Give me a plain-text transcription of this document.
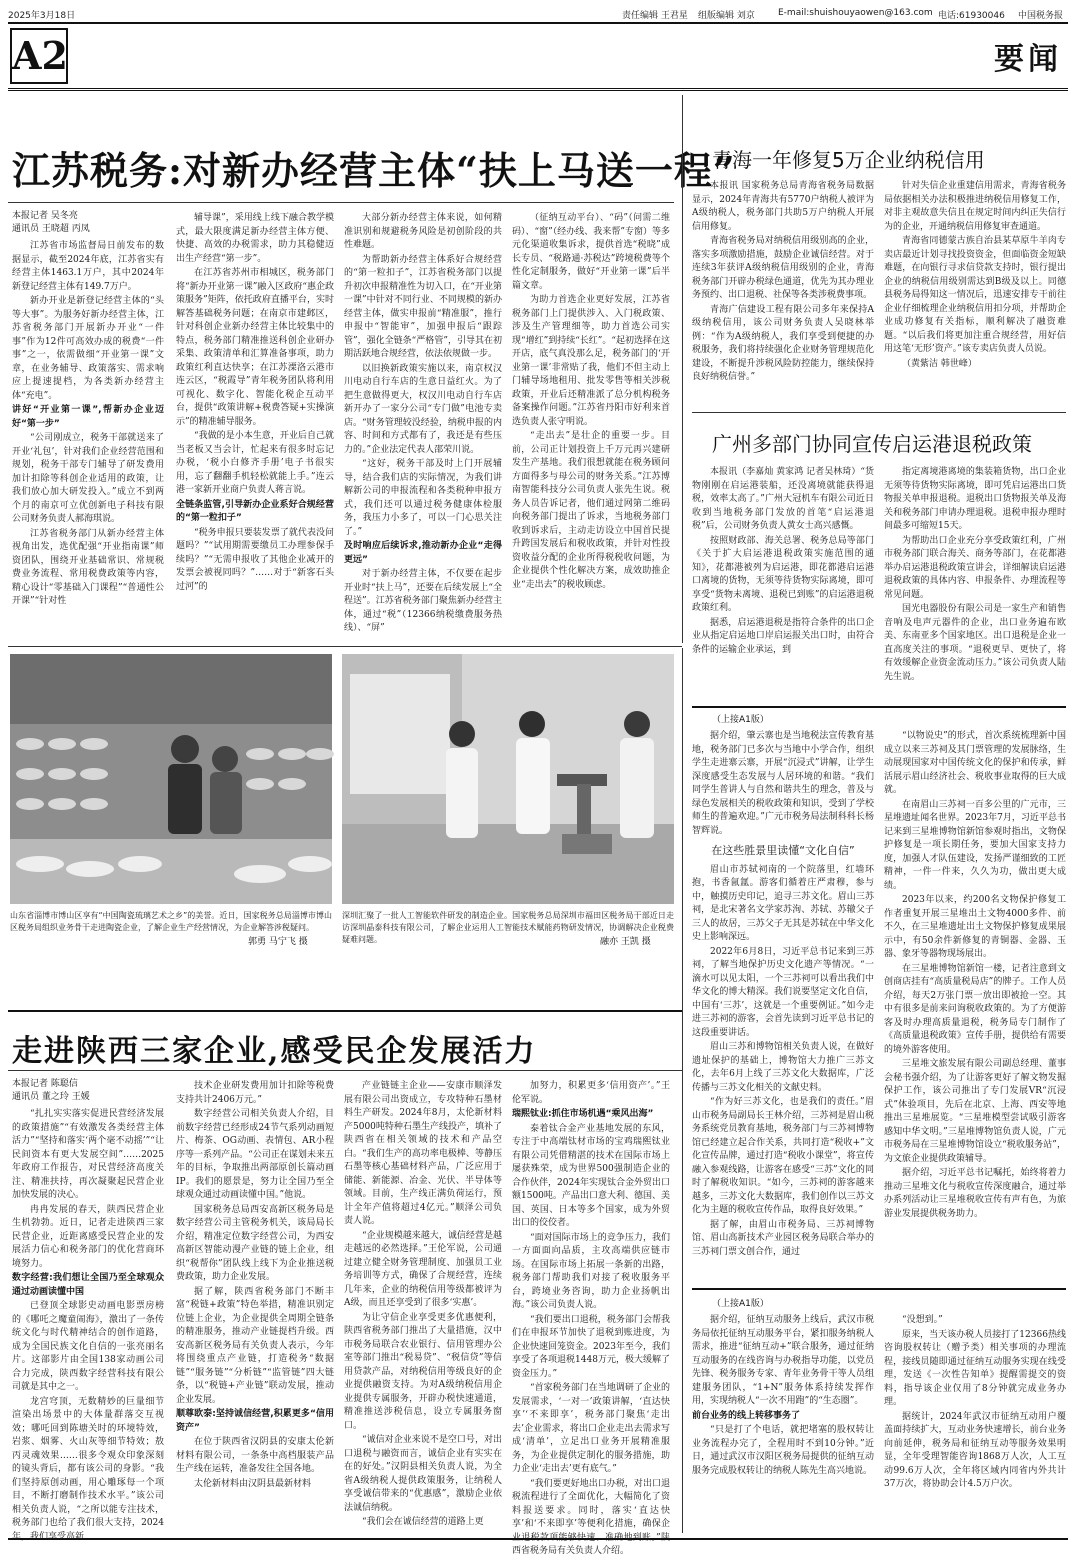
2025年3月18日	责任编辑 王君星 组版编辑 刘京	E-mail:shuishouyaowen@163.com 电话:61930046 中国税务报
A2	要闻
江苏税务:对新办经营主体“扶上马送一程”
本报记者 吴冬亮
通讯员 王晓超 丙凤

江苏省市场监督局日前发布的数据显示，截至2024年底，江苏省实有经营主体1463.1万户，其中2024年新登记经营主体有149.7万户。

新办开业是新登记经营主体的“头等大事”。为服务好新办经营主体，江苏省税务部门开展新办开业“一件事”作为12件可高效办成的税费“一件事”之一，依需做细“开业第一课”文章，在业务辅导、政策落实、需求响应上提速提档，为各类新办经营主体“充电”。

讲好“开业第一课”,帮新办企业迈好“第一步”

“公司刚成立，税务干部就送来了开业‘礼包’，针对我们企业经营范围和规划，税务干部专门辅导了研发费用加计扣除等科创企业适用的政策，让我们放心加大研发投入。”成立不到两个月的南京可立优创新电子科技有限公司财务负责人郝海琪说。

江苏省税务部门从新办经营主体视角出发，选优配强“开业指南课”师资团队，围绕开业基础常识、常规税费业务流程、常用税费政策等内容，精心设计“零基础入门课程”“普通性公开课”“针对性

辅导课”，采用线上线下融合教学模式，最大限度满足新办经营主体方便、快捷、高效的办税需求，助力其稳健迈出生产经营“第一步”。

在江苏省苏州市相城区，税务部门将“新办开业第一课”融入区政府“惠企政策服务”矩阵，依托政府直播平台，实时解答基础税务问题；在南京市建邺区，针对科创企业新办经营主体比较集中的特点，税务部门精准推送科创企业研办采集、政策清单和汇算准备事项，助力政策红利直达快享；在江苏溧洛云港市连云区，“税霞导”青年税务团队将利用可视化、数字化、智能化税企互动平台，提供“政策讲解+税费答疑+实操演示”的精准辅导服务。

“我做的是小本生意，开业后自己就当老板又当会计，忙起来有很多时忘记办税，‘税小白修齐手册’电子书很实用，忘了翻翻手机轻松就能上手。”连云港一家新开业商户负责人蒋言说。

全链条监管,引导新办企业系好合规经营的“第一粒扣子”

“税务申报只要装发票了就代表没问题吗？”“试用期需要缴员工办理参保手续吗？”“无需申报收了其他企业减开的发票会被视同吗？”……对于“新客石头过河”的

大部分新办经营主体来说，如何精准识别和规避税务风险是初创阶段的共性难题。

为帮助新办经营主体系好合规经营的“第一粒扣子”，江苏省税务部门以提升初次申报精准性为切入口，在“开业第一课”中针对不同行业、不同规模的新办经营主体，做实申报前“精准服”，推行申报中“智能审”，加强申报后“跟踪管”，强化全链条“严格管”，引导其在初期活跃地合规经营，依法依规做一步。

以旧换新政策实施以来，南京权汉川电动自行车店的生意日益红火。为了把生意做得更大，权汉川电动自行车店新开办了一家分公司“专门做”电池专卖店。“财务管理较没经验，纳税申报的内容、时间和方式都有了，我还是有些压力的。”企业法定代表人邵荣川说。

“这好，税务干部及时上门开展辅导，结合我们店的实际情况，为我们讲解新公司的申报流程和各类税种申报方式，我们还可以通过税务健康体检服务，我压力小多了，可以一门心思关注了。”

及时响应后续诉求,推动新办企业“走得更远”

对于新办经营主体，不仅要在起步开业时“扶上马”，还要在后续发展上“全程送”。江苏省税务部门聚焦新办经营主体，通过“税”（12366纳税缴费服务热线）、“屏”

（征纳互动平台）、“码”（问需二维码）、“窗”（经办线、我来帮”专窗）等多元化渠道收集诉求，提供首选“税晓”成长专员、“税路通·苏税达”跨境税费等个性化定制服务，做好“开业第一课”后半篇文章。

为助力首选企业更好发展，江苏省税务部门上门提供涉入、入门税政策、涉及生产管理细等，助力首选公司实现“增红”到持续“长红”。“起初选择在这开店，底气真没那么足，税务部门的‘开业第一课’非常贴了我，他们不但主动上门辅导场地租用、批发零售等相关涉税政策，开业后还精准派了总分机构税务备案操作问题。”江苏省丹阳市好利来首选负责人张守明说。

“走出去”是壮企的重要一步。目前，公司正计划投资上千万元再兴建研发生产基地。我们很想就能在税务顾问方面得多与母公司的财务关系。”江苏博南智能科技分公司负责人张先生说。税务人员告诉记者，他们通过网第二维码向税务部门提出了诉求，当地税务部门收到诉求后，主动走访设立中国首民提升跨国发展后和税收政策，并针对性投资收益分配的企业所得税税收问题，为企业提供个性化解决方案，成效助推企业“走出去”的税收顾虑。

青海一年修复5万企业纳税信用

本报讯 国家税务总局青海省税务局数据显示，2024年青海共有5770户纳税人被评为A级纳税人，税务部门共助5万户纳税人开展信用修复。

青海省税务局对纳税信用级别高的企业，落实多项激励措施，鼓励企业诚信经营。对于连续3年获评A级纳税信用级别的企业，青海税务部门开辟办税绿色通道，优先为其办理业务预约、出口退税、社保等各类涉税费事项。

青海广信建设工程有限公司多年来保持A级纳税信用，该公司财务负责人吴晓林举例：“作为A级纳税人，我们享受到便捷的办税服务，我们将持续强化企业财务管理规范化建设，不断提升涉税风险防控能力，继续保持良好纳税信誉。”

针对失信企业重建信用需求，青海省税务局依据相关办法积极推进纳税信用修复工作，对非主观故意失信且在规定时间内纠正失信行为的企业，开通纳税信用修复审查通道。

青海省同德蒙古族自治县某草原牛羊肉专卖店最近计划寻找投资资金，但面临资金短缺难题，在向银行寻求信贷款支持时，银行提出企业的纳税信用级别需达到B级及以上。同德县税务局得知这一情况后，迅速安排专干前往企业仔细梳理企业纳税信用扣分项，并帮助企业成功修复有关指标，顺利解决了融资难题。“以后我们将更加注重合规经营，用好信用这笔‘无形’资产。”该专卖店负责人员说。

（黄紫洁 韩世峰）

广州多部门协同宣传启运港退税政策

本报讯（李嘉灿 黄家鸿 记者吴林琦）“货物刚刚在启运港装船，还没离境就能获得退税，效率太高了。”广州大冠机车有限公司近日收到当地税务部门发放的首笔“启运港退税”后，公司财务负责人黄女士高兴感慨。

按照财政部、海关总署、税务总局等部门《关于扩大启运港退税政策实施范围的通知》，花都港被列为启运港，即花都港启运港口离境的货物，无须等待货物实际离境，即可享受“货物未离境、退税已到账”的启运港退税政策红利。

据悉，启运港退税是指符合条件的出口企业从指定启运地口岸启运报关出口时，由符合条件的运输企业承运，到

指定离境港离境的集装箱货物，出口企业无须等待货物实际离境，即可凭启运港出口货物报关单申报退税。退税出口货物报关单及海关和税务部门申请办理退税。退税申报办理时间最多可缩短15天。

为帮助出口企业充分享受政策红利，广州市税务部门联合海关、商务等部门，在花都港举办启运港退税政策宣讲会，详细解读启运港退税政策的具体内容、申报条件、办理流程等常见问题。

国光电器股份有限公司是一家生产和销售音响及电声元器件的企业，出口业务遍布欧美、东南亚多个国家地区。出口退税是企业一直高度关注的事项。“退税更早、更快了，将有效缓解企业资金流动压力。”该公司负责人陆先生说。

（上接A1版）

据介绍，肇云寨也是当地税法宣传教育基地，税务部门已多次与当地中小学合作，组织学生走进寨云寨，开展“沉浸式”讲解，让学生深度感受生态发展与人居环境的和谐。“我们同学生普讲人与自然和谐共生的理念，普及与绿色发展相关的税收政策和知识，受到了学校师生的普遍欢迎。”广元市税务局法制科科长杨智辉说。

在这些胜景里读懂“文化自信”

眉山市苏轼祠南的一个院落里，红墙环抱，书香氤氲。游客们循着庄严肃穆，参与中，触摸历史印记，追寻三苏文化。眉山三苏祠，是北宋著名文学家苏洵、苏轼、苏辙父子三人的故居，三苏父子无其是苏轼在中华文化史上影响深远。

2022年6月8日，习近平总书记来到三苏祠，了解当地保护历史文化遗产等情况。“一滴水可以见太阳，一个三苏祠可以看出我们中华文化的博大精深。我们说要坚定文化自信，中国有‘三苏’，这就是一个重要例证。”如今走进三苏祠的游客，会首先读到习近平总书记的这段重要讲话。

眉山三苏和博物馆相关负责人说，在做好遗址保护的基础上，博物馆大力推广三苏文化，去年6月上线了三苏文化大数据库，广泛传播与三苏文化相关的文献史料。

“作为好三苏文化，也是我们的责任。”眉山市税务局副局长王林介绍，三苏祠是眉山税务系统党员教育基地，税务部门与三苏祠博物馆已经建立起合作关系，共同打造“税收+”文化宣传品牌，通过打造“税收小课堂”，将宣传融入参观线路，让游客在感受“三苏”文化的同时了解税收知识。“如今，三苏祠的游客越来越多，三苏文化大数据库，我们创作以三苏文化为主题的税收宣传作品，取得良好效果。”

据了解，由眉山市税务局、三苏祠博物馆、眉山高新技术产业园区税务局联合举办的三苏祠门票文创合作，通过

“以物说史”的形式，首次系统梳理新中国成立以来三苏祠及其门票管理的发展脉络，生动展现国家对中国传统文化的保护和传承，鲜活展示眉山经济社会、税收事业取得的巨大成就。

在南眉山三苏祠一百多公里的广元市，三星堆遗址闻名世界。2023年7月，习近平总书记来到三星堆博物馆新馆参观时指出，文物保护修复是一项长期任务，要加大国家支持力度，加强人才队伍建设，发扬严谨细致的工匠精神，一件一件来，久久为功，做出更大成绩。

2023年以来，约200名文物保护修复工作者重复开展三星堆出土文物4000多件、前不久，在三星堆遗址出土文物保护修复成果展示中，有50余件新修复的青铜器、金器、玉器、象牙等器物现场展出。

在三星堆博物馆新馆一楼，记者注意到文创商店挂有“高质量税局店”的牌子。工作人员介绍，每天2万张门票一放出即被抢一空。其中有很多是前来问询税收政策的。为了方便游客及时办理高质量退税，税务局专门制作了《高质量退税政策》宣传手册，提供给有需要的境外游客使用。

三星堆文旅发展有限公司副总经理、董事会秘书强介绍，为了让游客更好了解文物发掘保护工作，该公司推出了专门发展VR“沉浸式”体验项目，先后在北京、上海、西安等地推出三星堆展览。“三星堆模型尝试吸引游客感知中华文明。”三星堆博物馆负责人说，广元市税务局在三星堆博物馆设立“税收服务站”，为文旅企业提供政策辅导。

据介绍，习近平总书记嘱托，始终将着力推动三星堆文化与税收宣传深度融合，通过举办系列活动让三星堆税收宣传有声有色，为旅游业发展提供税务助力。

（上接A1版）

据介绍，征纳互动服务上线后，武汉市税务局依托征纳互动服务平台，紧扣服务纳税人需求，推进“征纳互动+”联合服务，通过征纳互动服务的在线咨询与办税指导功能，以党员先锋、税务服务专家、青年业务骨干等人员组建服务团队，“1+N”服务体系持续发挥作用，实现纳税人“一次不用跑”的“生态圈”。

前台业务的线上转移事务了

“只是打了个电话，就把堵塞的股权转让业务流程办完了，全程用时不到10分钟。”近日，通过武汉市汉阳区税务局提供的征纳互动服务完成股权转让的纳税人陈先生高兴地说。

“没想到。”

原来，当天该办税人员接打了12366热线咨询股权转让（赠予类）相关事项的办理流程，接线员随即通过征纳互动服务实现在线受理，发送《一次性告知单》提醒需提交的资料，指导该企业仅用了8分钟就完成业务办理。

据统计，2024年武汉市征纳互动用户覆盖面持续扩大，互动业务快速增长，前台业务向前延伸，税务局和征纳互动等服务效果明显，全年受理智能咨询1868万人次，人工互动99.6万人次，全年将区域内同省内外共计37万次，将协助会计4.5万户次。

山东省淄博市博山区享有“中国陶瓷琉璃艺术之乡”的美誉。近日，国家税务总局淄博市博山区税务局组织业务骨干走进陶瓷企业，了解企业生产经营情况，为企业解答涉税疑问。
郭勇 马宁飞 摄
深圳汇聚了一批人工智能软件研发的制造企业。国家税务总局深圳市福田区税务局干部近日走访深圳晶泰科技有限公司，了解企业运用人工智能技术赋能药物研发情况，协调解决企业税费疑难问题。	融亦 王凯 摄
走进陕西三家企业,感受民企发展活力
本报记者 陈聪信
通讯员 董之玲 王媛

“扎扎实实落实促进民营经济发展的政策措施”“有效激发各类经营主体活力”“坚持和落实‘两个毫不动摇’”“让民间资本有更大发展空间”……2025年政府工作报告，对民营经济高度关注、精准扶持，再次凝聚起民营企业加快发展的决心。

冉冉发展的春天，陕西民营企业生机勃勃。近日，记者走进陕西三家民营企业，近距离感受民营企业的发展活力信心和税务部门的优化营商环境努力。

数字经营:我们想让全国乃至全球观众通过动画读懂中国

已登顶全球影史动画电影票房榜的《哪吒之魔童闹海》，激出了一条传统文化与时代精神结合的创作道路，成为全国民族文化自信的一张亮丽名片。这部影片由全国138家动画公司合力完成，陕西数字经营科技有限公司就是其中之一。

龙宫穹顶，无数精妙的巨量细节渲染出场景中的大体量群落交互视效；哪吒回到陈塘关时的环境特效，岩浆、烟雾、火山灰等细节特效；敖丙灵魂效果……很多令观众印象深刻的镜头背后，都有该公司的身影。“我们坚持原创动画，用心雕琢每一个项目，不断打磨制作技术水平。”该公司相关负责人说，“之所以能专注技术，税务部门也给了我们很大支持，2024年，我们享受高新

技术企业研发费用加计扣除等税费支持共计2406万元。”

数字经营公司相关负责人介绍，目前数字经营已经形成24节气系列动画短片、梅茶、OG动画、表情包、AR小程序等一系列产品。“公司正在谋划未来五年的目标，争取推出两部原创长篇动画IP。我们的愿景是，努力让全国乃至全球观众通过动画读懂中国。”他说。

国家税务总局西安高新区税务局是数字经营公司主管税务机关，该局局长介绍，精准定位数字经营公司，为西安高新区智能动漫产业链的链上企业，组织“税帮你”团队线上线下为企业推送税费政策，助力企业发展。

据了解，陕西省税务部门不断丰富“税链+政策”特色举措，精准识别定位链上企业，为企业提供全周期全链条的精准服务，推动产业链提档升级。西安高新区税务局有关负责人表示，今年将围绕重点产业链，打造税务“数据链”“服务链”“分析链”“监管链”四大链条，以“税链+产业链”联动发展，推动企业发展。

顺尊欧泰:坚持诚信经营,积累更多“信用资产”

在位于陕西省汉阴县的安康太伦新材料有限公司，一条条中高档服装产品生产线在运转，准备发往全国各地。

太伦新材料由汉阴县最新材料

产业链链主企业——安康市顺泽发展有限公司出资成立，专攻特种石墨材料生产研发。2024年8月，太伦新材料产5000吨特种石墨生产线投产，填补了陕西省在相关领域的技术和产品空白。“我们生产的高功率电极棒、等静压石墨等核心基础材料产品，广泛应用于储能、新能源、冶金、光伏、半导体等领域。目前，生产线正满负荷运行，预计全年产值将超过4亿元。”顺泽公司负责人说。

“企业规模越来越大，诚信经营是越走越远的必然选择。”王伦军说，公司通过建立健全财务管理制度、加强员工业务培训等方式，确保了合规经营，连续几年来，企业的纳税信用等级都被评为A级，而且还享受到了很多‘实惠’。

为让守信企业享受更多优惠便利，陕西省税务部门推出了大量措施，汉中市税务局联合农业银行、信用管理办公室等部门推出“税易贷”、“税信贷”等信用贷款产品，对纳税信用等级良好的企业提供融资支持。为对A级纳税信用企业提供专属服务，开辟办税快速通道，精准推送涉税信息，设立专属服务窗口。

“诚信对企业来说不是空口号，对出口退税与融资而言，诚信企业有实实在在的好处。”汉阴县相关负责人说，为全省A级纳税人提供政策服务，让纳税人享受诚信带来的“优惠感”，激励企业依法诚信纳税。

“我们会在诚信经营的道路上更

加努力，积累更多‘信用资产’。”王伦军说。

瑞熙钛业:抓住市场机遇“乘风出海”

泰着钛合金产业基地发展的东风，专注于中高端钛材市场的宝鸡瑞熙钛业有限公司凭借精湛的技术在国际市场上屡获殊荣，成为世界500强制造企业的合作伙伴，2024年实现钛合金外贸出口额1500吨。产品出口意大利、德国、美国、英国、日本等多个国家，成为外贸出口的佼佼者。

“面对国际市场上的竞争压力，我们一方面面向品质，主攻高端供应链市场。在国际市场上拓展一条新的出路，税务部门帮助我们对接了税收服务平台，跨境业务咨询，助力企业扬帆出海。”该公司负责人说。

“我们要出口退税，税务部门会帮我们在申报环节加快了退税到账进度，为企业快速回笼资金。2023年至今，我们享受了各项退税1448万元，极大缓解了资金压力。”

“首家税务部门在当地调研了企业的发展需求，‘一对一’政策讲解，‘直达快享’‘不来即享’，税务部门聚焦‘走出去’企业需求，将出口企业走出去需求写成‘清单’，立足出口业务开展精准服务，为企业提供定制化的服务措施，助力企业‘走出去’更有底气。”

“我们要更好地出口办税，对出口退税流程进行了全面优化，大幅简化了资料报送要求。同时，落实‘直达快享’和‘不来即享’等便利化措施，确保企业退税款项能够快速、准确地到账。”陕西省税务局有关负责人介绍。
